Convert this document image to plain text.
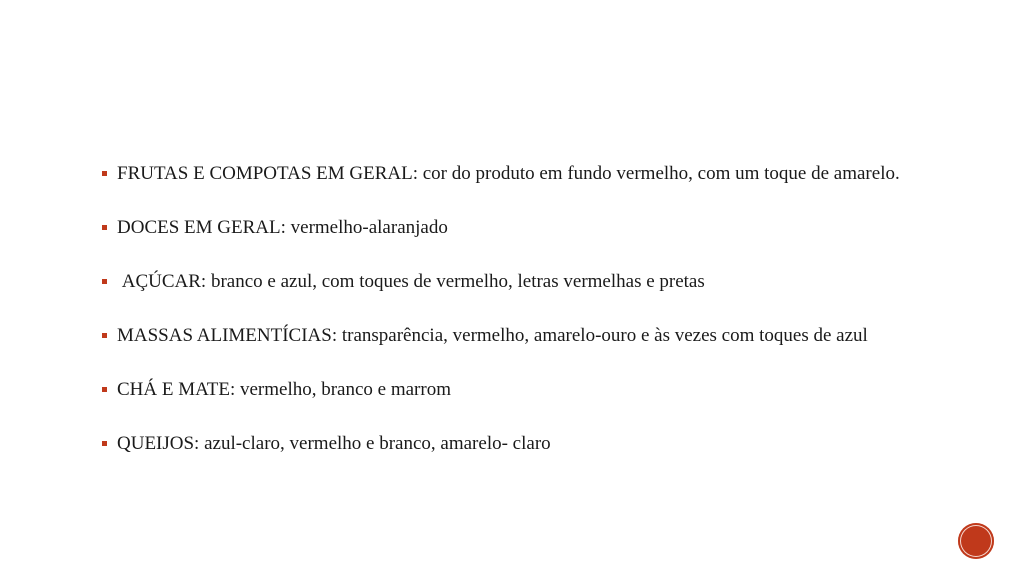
FRUTAS E COMPOTAS EM GERAL: cor do produto em fundo vermelho, com um toque de amarelo.
DOCES EM GERAL: vermelho-alaranjado
AÇÚCAR: branco e azul, com toques de vermelho, letras vermelhas e pretas
MASSAS ALIMENTÍCIAS: transparência, vermelho, amarelo-ouro e às vezes com toques de azul
CHÁ E MATE: vermelho, branco e marrom
QUEIJOS: azul-claro, vermelho e branco, amarelo- claro
